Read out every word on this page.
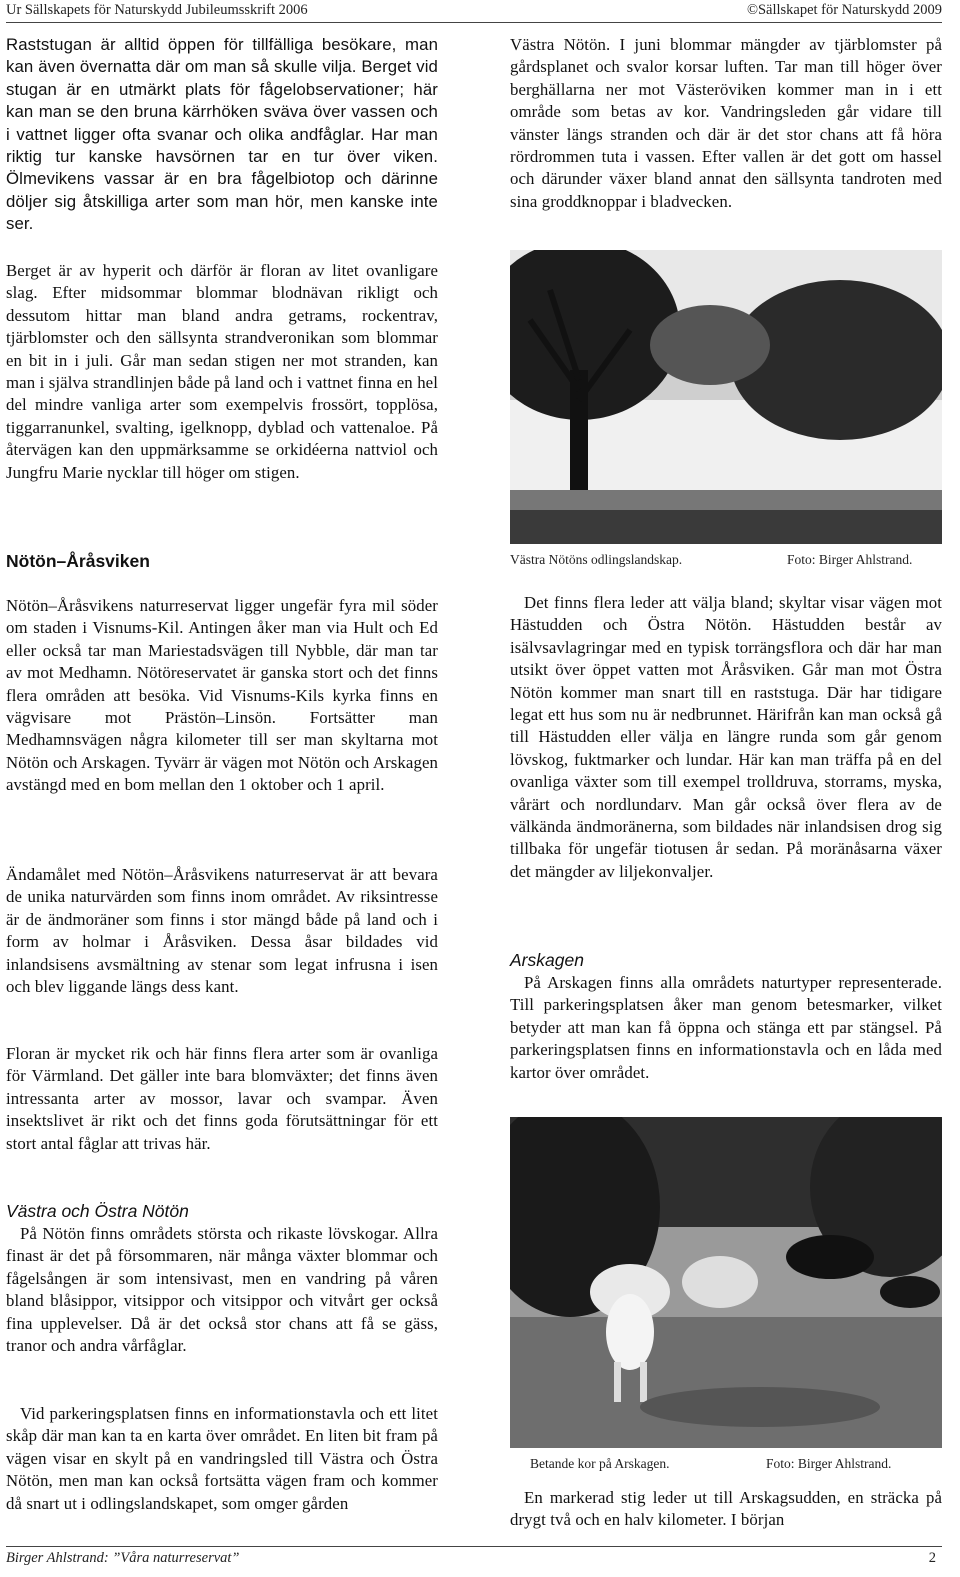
Ur Sällskapets för Naturskydd Jubileumsskrift 2006	©Sällskapet för Naturskydd 2009

Raststugan är alltid öppen för tillfälliga besökare, man kan även övernatta där om man så skulle vilja. Berget vid stugan är en utmärkt plats för fågelobservationer; här kan man se den bruna kärrhöken sväva över vassen och i vattnet ligger ofta svanar och olika andfåglar. Har man riktig tur kanske havsörnen tar en tur över viken. Ölmevikens vassar är en bra fågelbiotop och därinne döljer sig åtskilliga arter som man hör, men kanske inte ser.

Berget är av hyperit och därför är floran av litet ovanligare slag. Efter midsommar blommar blodnävan rikligt och dessutom hittar man bland andra getrams, rockentrav, tjärblomster och den sällsynta strandveronikan som blommar en bit in i juli. Går man sedan stigen ner mot stranden, kan man i själva strandlinjen både på land och i vattnet finna en hel del mindre vanliga arter som exempelvis frossört, topplösa, tiggarranunkel, svalting, igelknopp, dyblad och vattenaloe. På återvägen kan den uppmärksamme se orkidéerna nattviol och Jungfru Marie nycklar till höger om stigen.

Nötön–Åråsviken

Nötön–Åråsvikens naturreservat ligger ungefär fyra mil söder om staden i Visnums-Kil. Antingen åker man via Hult och Ed eller också tar man Mariestadsvägen till Nybble, där man tar av mot Medhamn. Nötöreservatet är ganska stort och det finns flera områden att besöka. Vid Visnums-Kils kyrka finns en vägvisare mot Prästön–Linsön. Fortsätter man Medhamnsvägen några kilometer till ser man skyltarna mot Nötön och Arskagen. Tyvärr är vägen mot Nötön och Arskagen avstängd med en bom mellan den 1 oktober och 1 april.

Ändamålet med Nötön–Åråsvikens naturreservat är att bevara de unika naturvärden som finns inom området. Av riksintresse är de ändmoräner som finns i stor mängd både på land och i form av holmar i Åråsviken. Dessa åsar bildades vid inlandsisens avsmältning av stenar som legat infrusna i isen och blev liggande längs dess kant.

Floran är mycket rik och här finns flera arter som är ovanliga för Värmland. Det gäller inte bara blomväxter; det finns även intressanta arter av mossor, lavar och svampar. Även insektslivet är rikt och det finns goda förutsättningar för ett stort antal fåglar att trivas här.

Västra och Östra Nötön

På Nötön finns områdets största och rikaste lövskogar. Allra finast är det på försommaren, när många växter blommar och fågelsången är som intensivast, men en vandring på våren bland blåsippor, vitsippor och vitsippor och vitvårt ger också fina upplevelser. Då är det också stor chans att få se gäss, tranor och andra vårfåglar.

Vid parkeringsplatsen finns en informationstavla och ett litet skåp där man kan ta en karta över området. En liten bit fram på vägen visar en skylt på en vandringsled till Västra och Östra Nötön, men man kan också fortsätta vägen fram och kommer då snart ut i odlingslandskapet, som omger gården

Västra Nötön. I juni blommar mängder av tjärblomster på gårdsplanet och svalor korsar luften. Tar man till höger över berghällarna ner mot Västeröviken kommer man in i ett område som betas av kor. Vandringsleden går vidare till vänster längs stranden och där är det stor chans att få höra rördrommen tuta i vassen. Efter vallen är det gott om hassel och därunder växer bland annat den sällsynta tandroten med sina groddknoppar i bladvecken.

Västra Nötöns odlingslandskap.	Foto: Birger Ahlstrand.

Det finns flera leder att välja bland; skyltar visar vägen mot Hästudden och Östra Nötön. Hästudden består av isälvsavlagringar med en typisk torrängsflora och där har man utsikt över öppet vatten mot Åråsviken. Går man mot Östra Nötön kommer man snart till en raststuga. Där har tidigare legat ett hus som nu är nedbrunnet. Härifrån kan man också gå till Hästudden eller välja en längre runda som går genom lövskog, fuktmarker och lundar. Här kan man träffa på en del ovanliga växter som till exempel trolldruva, storrams, myska, vårärt och nordlundarv. Man går också över flera av de välkända ändmoränerna, som bildades när inlandsisen drog sig tillbaka för ungefär tiotusen år sedan. På moränåsarna växer det mängder av liljekonvaljer.

Arskagen

På Arskagen finns alla områdets naturtyper representerade. Till parkeringsplatsen åker man genom betesmarker, vilket betyder att man kan få öppna och stänga ett par stängsel. På parkeringsplatsen finns en informationstavla och en låda med kartor över området.

Betande kor på Arskagen.	Foto: Birger Ahlstrand.

En markerad stig leder ut till Arskagsudden, en sträcka på drygt två och en halv kilometer. I början

Birger Ahlstrand: ”Våra naturreservat”	2
